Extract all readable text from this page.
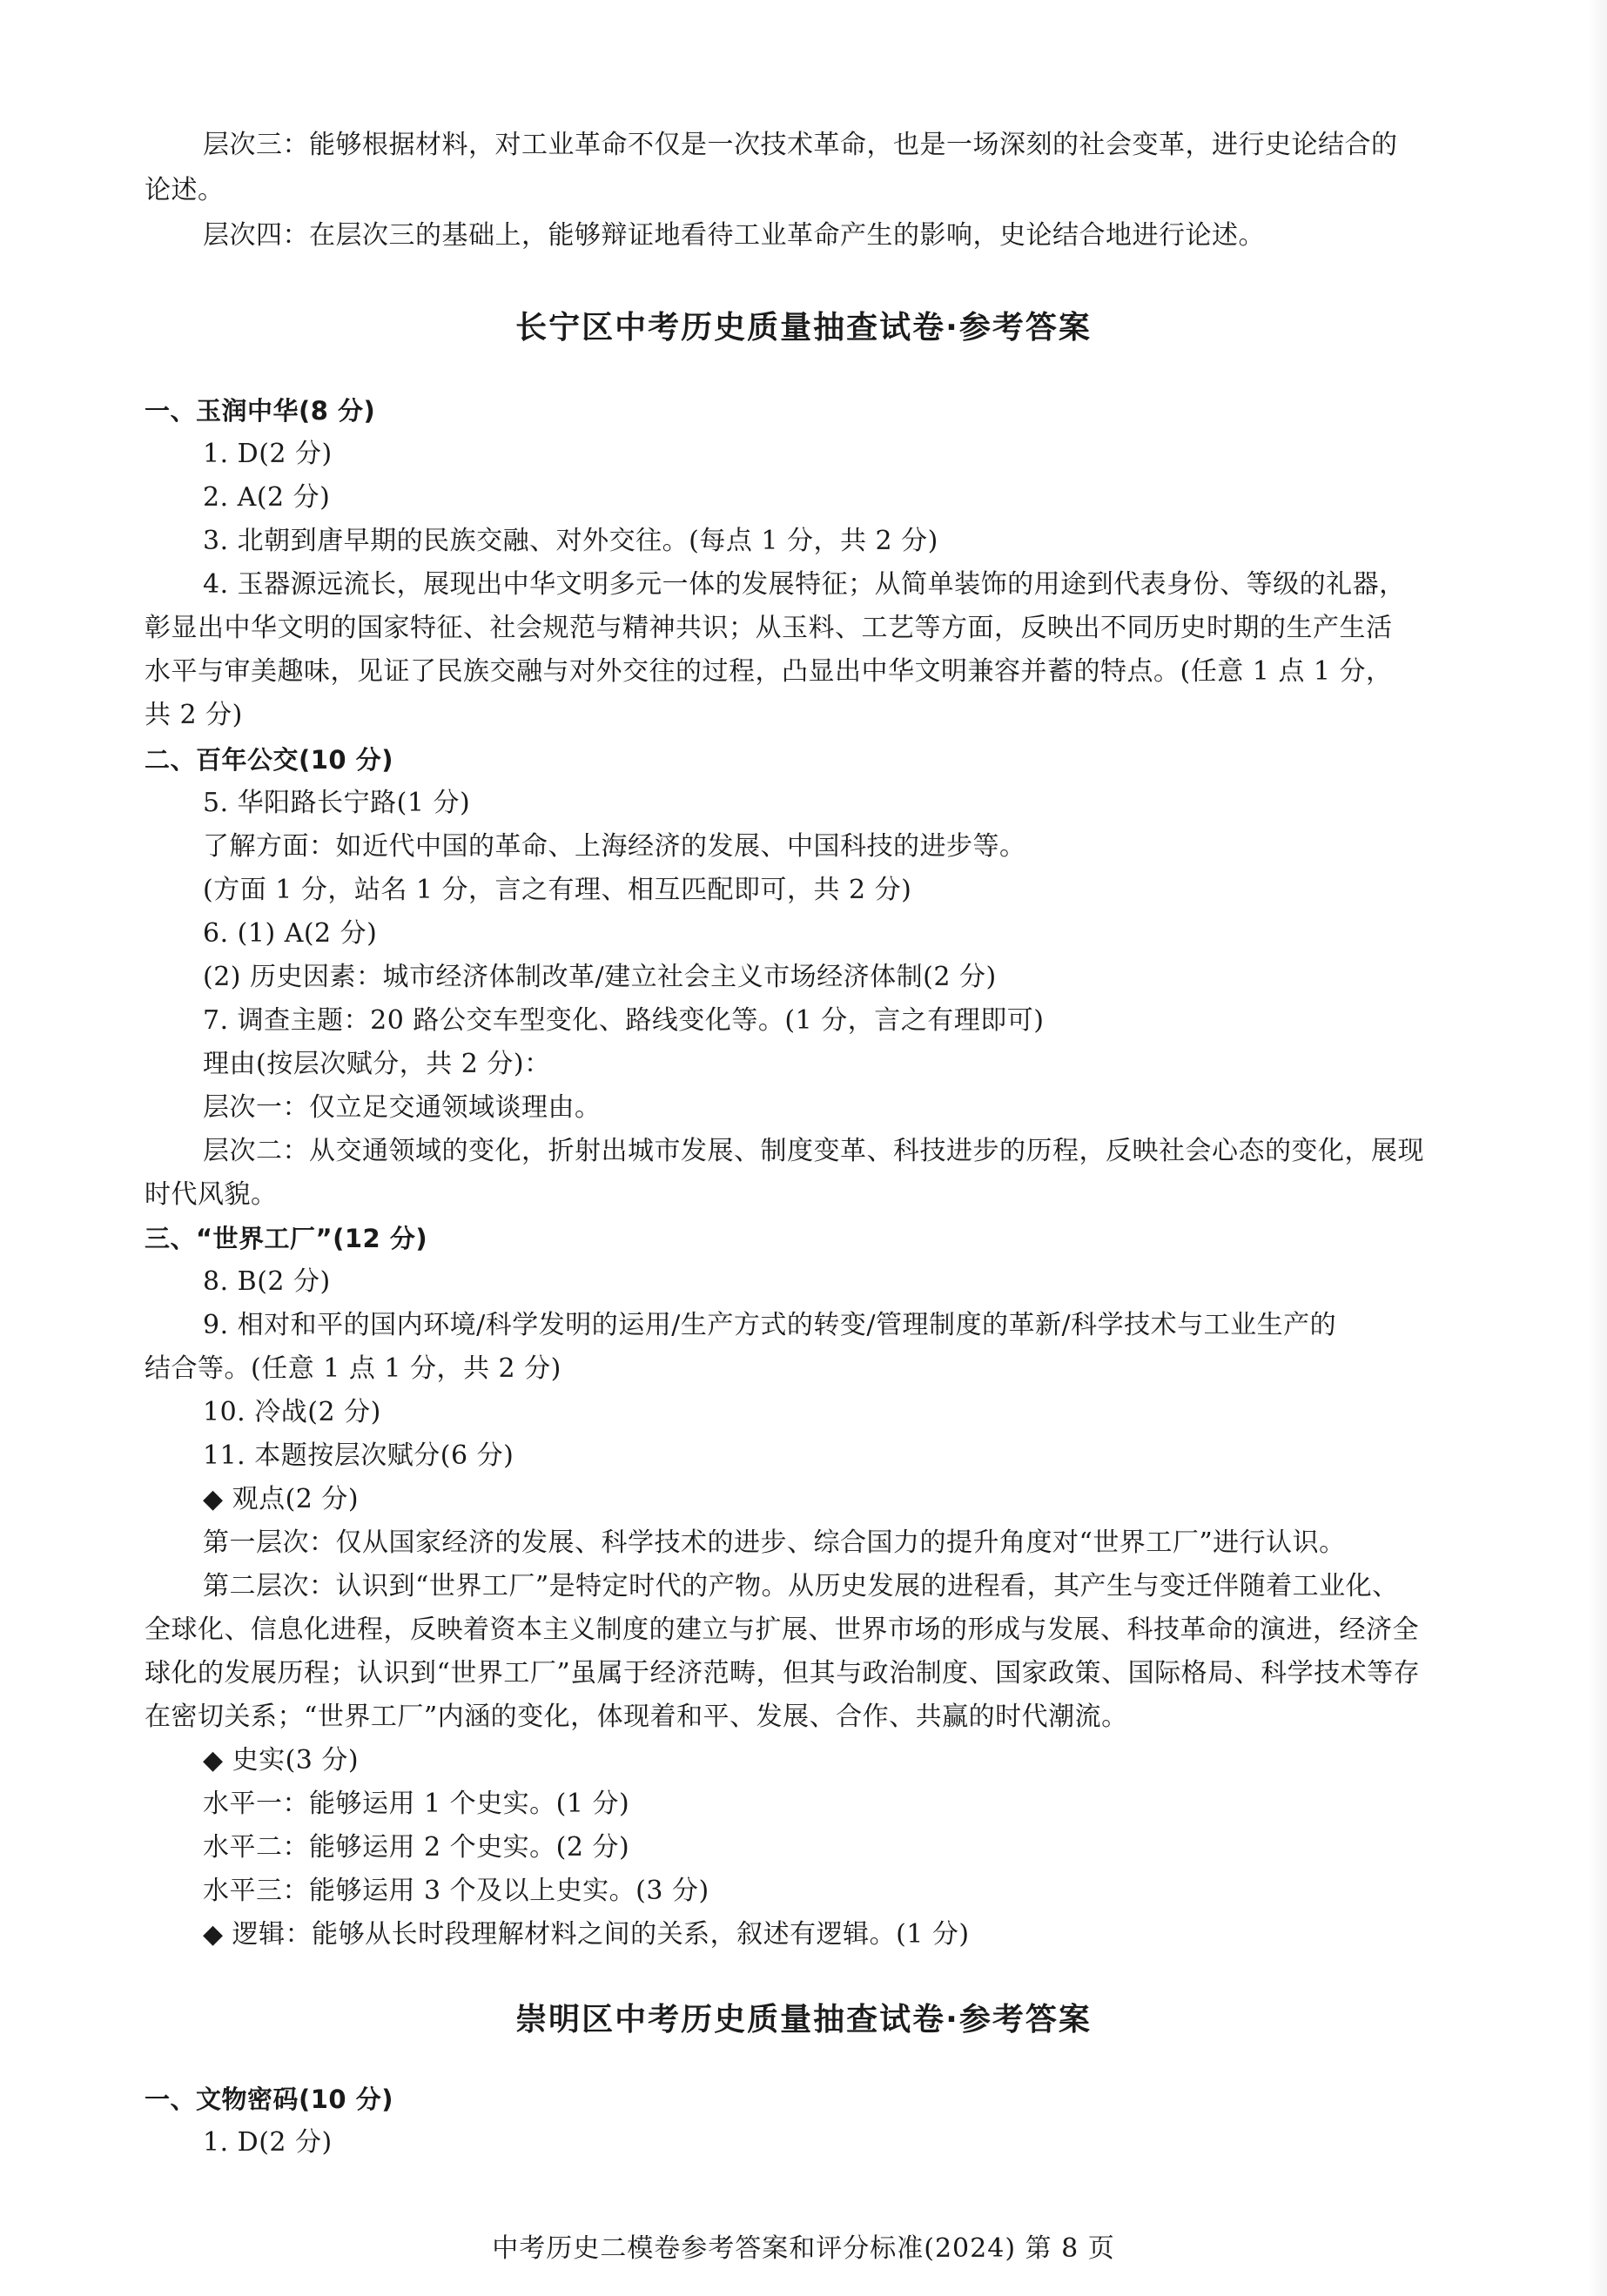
层次三：能够根据材料，对工业革命不仅是一次技术革命，也是一场深刻的社会变革，进行史论结合的
论述。
层次四：在层次三的基础上，能够辩证地看待工业革命产生的影响，史论结合地进行论述。
长宁区中考历史质量抽查试卷·参考答案
一、玉润中华(8 分)
1. D(2 分)
2. A(2 分)
3. 北朝到唐早期的民族交融、对外交往。(每点 1 分，共 2 分)
4. 玉器源远流长，展现出中华文明多元一体的发展特征；从简单装饰的用途到代表身份、等级的礼器，
彰显出中华文明的国家特征、社会规范与精神共识；从玉料、工艺等方面，反映出不同历史时期的生产生活
水平与审美趣味，见证了民族交融与对外交往的过程，凸显出中华文明兼容并蓄的特点。(任意 1 点 1 分，
共 2 分)
二、百年公交(10 分)
5. 华阳路长宁路(1 分)
了解方面：如近代中国的革命、上海经济的发展、中国科技的进步等。
(方面 1 分，站名 1 分，言之有理、相互匹配即可，共 2 分)
6. (1) A(2 分)
(2) 历史因素：城市经济体制改革/建立社会主义市场经济体制(2 分)
7. 调查主题：20 路公交车型变化、路线变化等。(1 分，言之有理即可)
理由(按层次赋分，共 2 分)：
层次一：仅立足交通领域谈理由。
层次二：从交通领域的变化，折射出城市发展、制度变革、科技进步的历程，反映社会心态的变化，展现
时代风貌。
三、“世界工厂”(12 分)
8. B(2 分)
9. 相对和平的国内环境/科学发明的运用/生产方式的转变/管理制度的革新/科学技术与工业生产的
结合等。(任意 1 点 1 分，共 2 分)
10. 冷战(2 分)
11. 本题按层次赋分(6 分)
◆ 观点(2 分)
第一层次：仅从国家经济的发展、科学技术的进步、综合国力的提升角度对“世界工厂”进行认识。
第二层次：认识到“世界工厂”是特定时代的产物。从历史发展的进程看，其产生与变迁伴随着工业化、
全球化、信息化进程，反映着资本主义制度的建立与扩展、世界市场的形成与发展、科技革命的演进，经济全
球化的发展历程；认识到“世界工厂”虽属于经济范畴，但其与政治制度、国家政策、国际格局、科学技术等存
在密切关系；“世界工厂”内涵的变化，体现着和平、发展、合作、共赢的时代潮流。
◆ 史实(3 分)
水平一：能够运用 1 个史实。(1 分)
水平二：能够运用 2 个史实。(2 分)
水平三：能够运用 3 个及以上史实。(3 分)
◆ 逻辑：能够从长时段理解材料之间的关系，叙述有逻辑。(1 分)
崇明区中考历史质量抽查试卷·参考答案
一、文物密码(10 分)
1. D(2 分)
中考历史二模卷参考答案和评分标准(2024) 第 8 页
